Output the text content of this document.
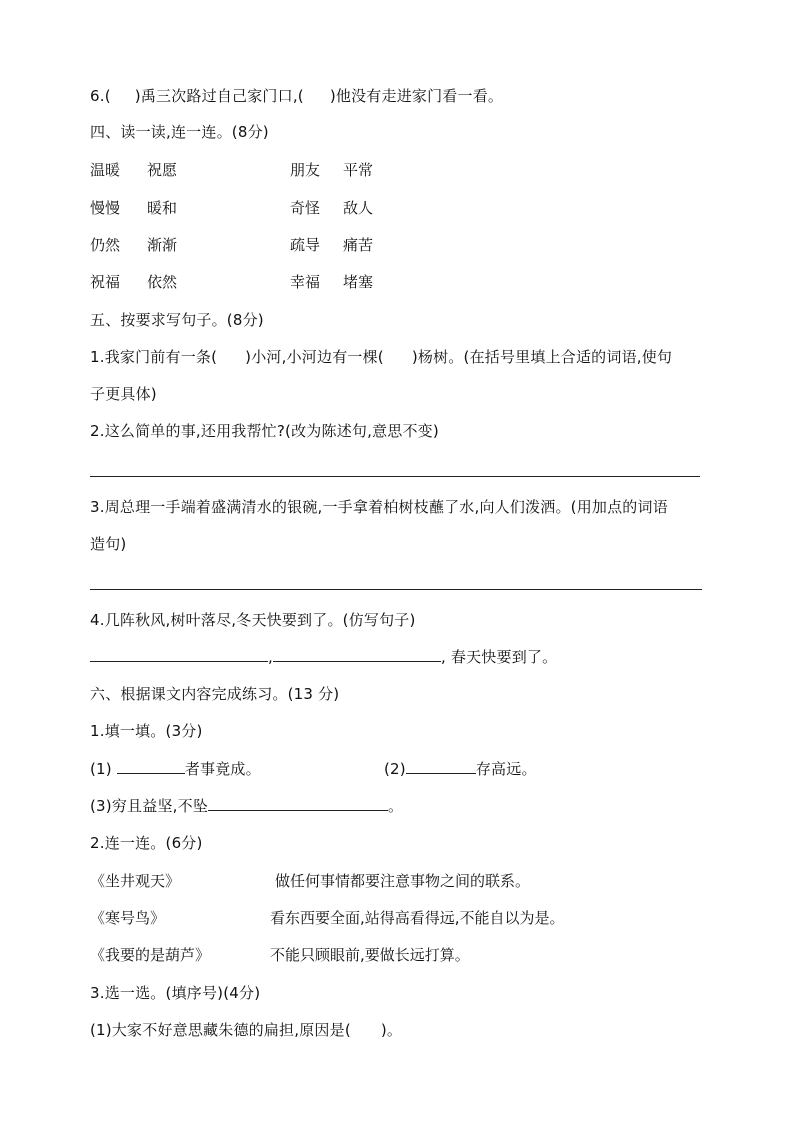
6.( )禹三次路过自己家门口,( )他没有走进家门看一看。
四、读一读,连一连。(8分)
温暖 祝愿	朋友 平常
慢慢 暖和	奇怪 敌人
仍然 渐渐	疏导 痛苦
祝福 依然	幸福 堵塞
五、按要求写句子。(8分)
1.我家门前有一条( )小河,小河边有一棵( )杨树。(在括号里填上合适的词语,使句
子更具体)
2.这么简单的事,还用我帮忙?(改为陈述句,意思不变)
3.周总理一手端着盛满清水的银碗,一手拿着柏树枝蘸了水,向人们泼洒。(用加点的词语
造句)
4.几阵秋风,树叶落尽,冬天快要到了。(仿写句子)
,	, 春天快要到了。
六、根据课文内容完成练习。(13 分)
1.填一填。(3分)
(1)	者事竟成。	(2)	存高远。
(3)穷且益坚,不坠	。
2.连一连。(6分)
《坐井观天》	做任何事情都要注意事物之间的联系。
《寒号鸟》	看东西要全面,站得高看得远,不能自以为是。
《我要的是葫芦》	不能只顾眼前,要做长远打算。
3.选一选。(填序号)(4分)
(1)大家不好意思藏朱德的扁担,原因是( )。
